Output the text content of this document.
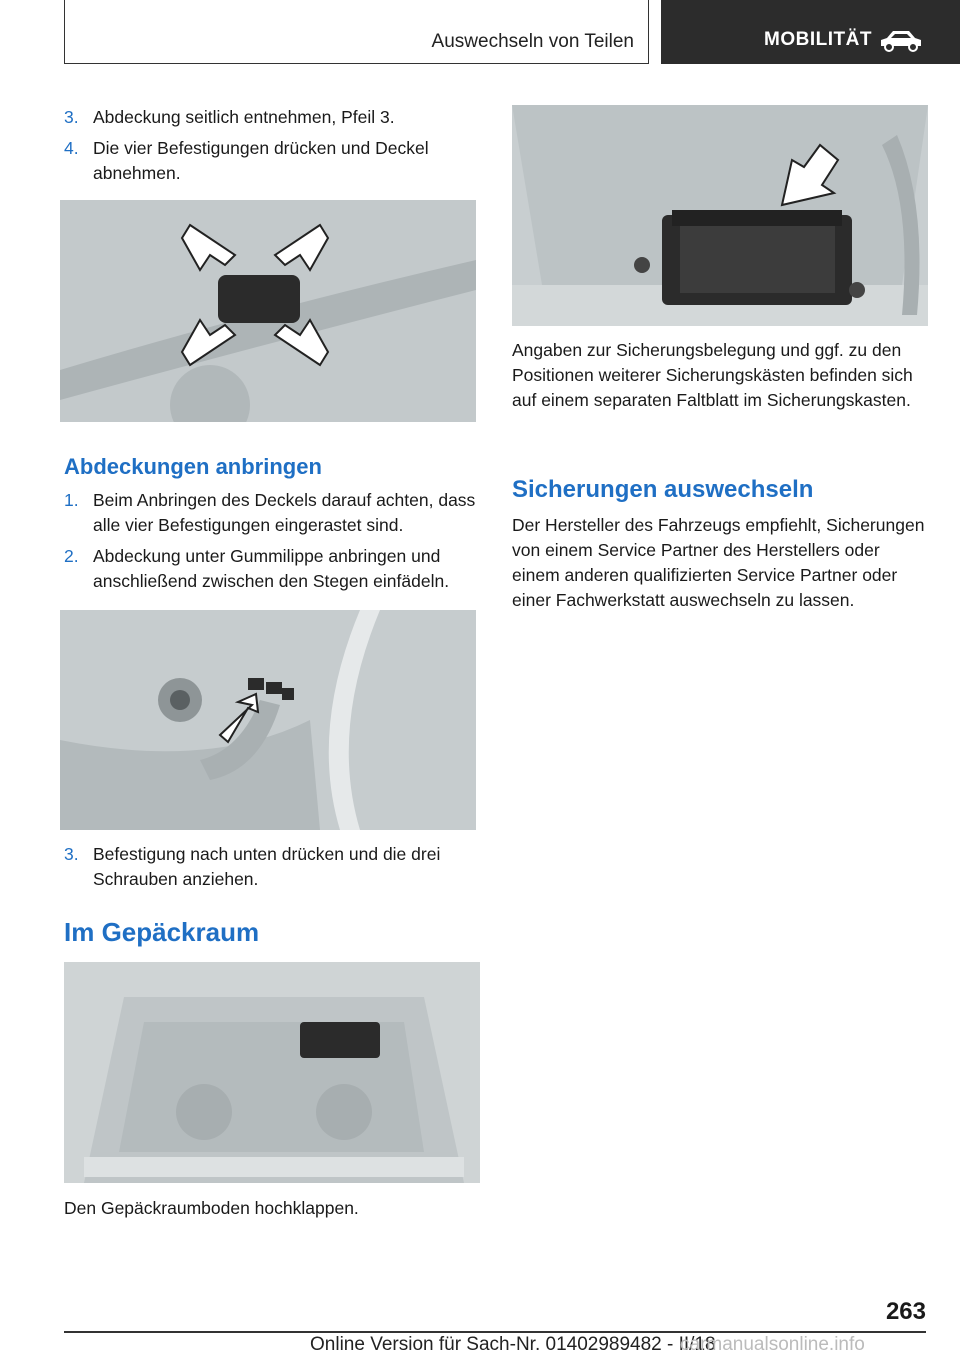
Auswechseln von Teilen	MOBILITÄT
3. Abdeckung seitlich entnehmen, Pfeil 3.
4. Die vier Befestigungen drücken und Deckel abnehmen.
Abdeckungen anbringen
1. Beim Anbringen des Deckels darauf achten, dass alle vier Befestigungen eingerastet sind.
2. Abdeckung unter Gummilippe anbringen und anschließend zwischen den Stegen einfädeln.
3. Befestigung nach unten drücken und die drei Schrauben anziehen.
Im Gepäckraum

Den Gepäckraumboden hochklappen.

Angaben zur Sicherungsbelegung und ggf. zu den Positionen weiterer Sicherungskästen befinden sich auf einem separaten Faltblatt im Sicherungskasten.

Sicherungen auswechseln

Der Hersteller des Fahrzeugs empfiehlt, Sicherungen von einem Service Partner des Herstellers oder einem anderen qualifizierten Service Partner oder einer Fachwerkstatt auswechseln zu lassen.

263
Online Version für Sach-Nr. 01402989482 - II/18
carmanualsonline.info
